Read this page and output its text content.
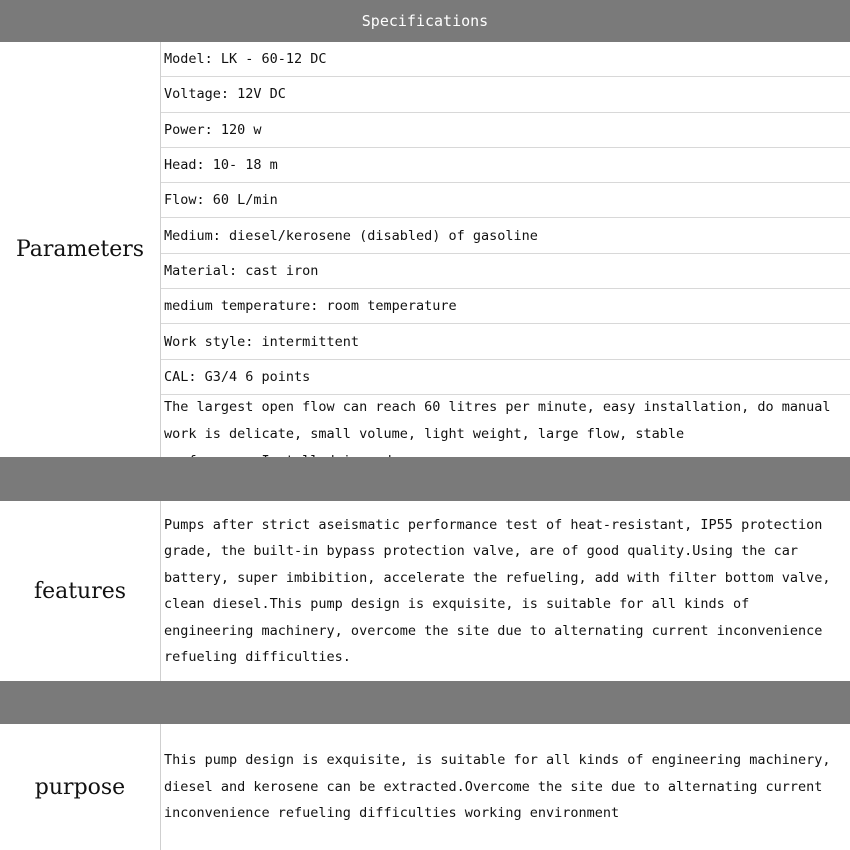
Specifications
Parameters
Model: LK - 60-12 DC
Voltage: 12V DC
Power: 120 w
Head: 10- 18 m
Flow: 60 L/min
Medium: diesel/kerosene (disabled) of gasoline
Material: cast iron
medium temperature: room temperature
Work style: intermittent
CAL: G3/4 6 points
The largest open flow can reach 60 litres per minute, easy installation, do manual work is delicate, small volume, light weight, large flow, stable
features
Pumps after strict aseismatic performance test of heat-resistant, IP55 protection grade, the built-in bypass protection valve, are of good quality.Using the car battery, super imbibition, accelerate the refueling, add with filter bottom valve, clean diesel.This pump design is exquisite, is suitable for all kinds of engineering machinery, overcome the site due to alternating current inconvenience refueling difficulties.
purpose
This pump design is exquisite, is suitable for all kinds of engineering machinery, diesel and kerosene can be extracted.Overcome the site due to alternating current inconvenience refueling difficulties working environment
